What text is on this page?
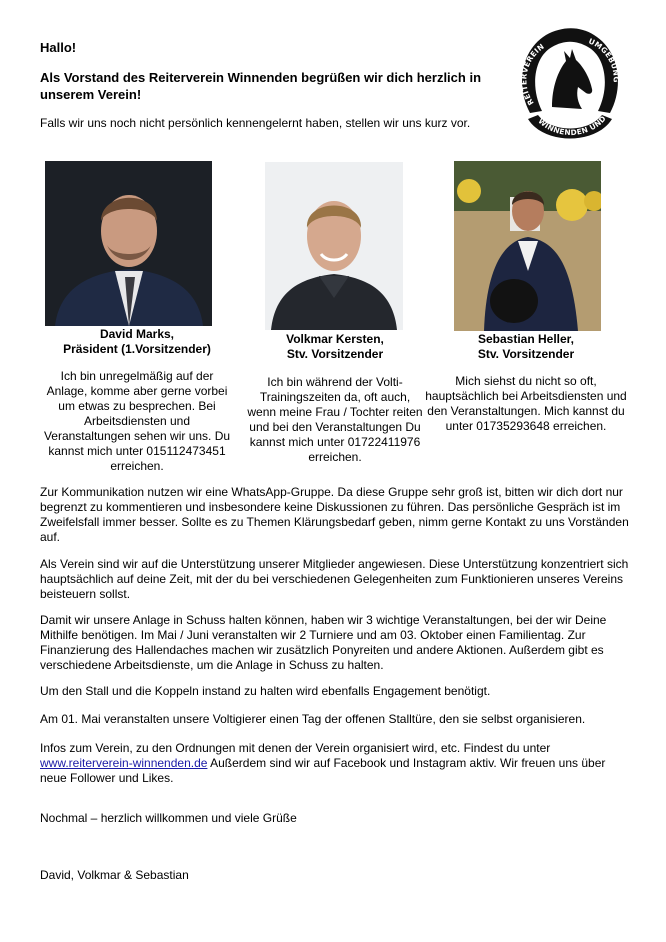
Hallo!
Als Vorstand des Reiterverein Winnenden begrüßen wir dich herzlich in unserem Verein!
Falls wir uns noch nicht persönlich kennengelernt haben, stellen wir uns kurz vor.
REITERVEREIN	UMGEBUNG
WINNENDEN UND
David Marks,
Präsident (1.Vorsitzender)
Volkmar Kersten,
Stv. Vorsitzender
Sebastian Heller,
Stv. Vorsitzender
Ich bin unregelmäßig auf der Anlage, komme aber gerne vorbei um etwas zu besprechen. Bei Arbeitsdiensten und Veranstaltungen sehen wir uns. Du kannst mich unter 015112473451 erreichen.
Ich bin während der Volti-Trainingszeiten da, oft auch, wenn meine Frau / Tochter reiten und bei den Veranstaltungen Du kannst mich unter 01722411976 erreichen.
Mich siehst du nicht so oft, hauptsächlich bei Arbeitsdiensten und den Veranstaltungen. Mich kannst du unter 01735293648 erreichen.
Zur Kommunikation nutzen wir eine WhatsApp-Gruppe. Da diese Gruppe sehr groß ist, bitten wir dich dort nur begrenzt zu kommentieren und insbesondere keine Diskussionen zu führen. Das persönliche Gespräch ist im Zweifelsfall immer besser. Sollte es zu Themen Klärungsbedarf geben, nimm gerne Kontakt zu uns Vorständen auf.
Als Verein sind wir auf die Unterstützung unserer Mitglieder angewiesen. Diese Unterstützung konzentriert sich hauptsächlich auf deine Zeit, mit der du bei verschiedenen Gelegenheiten zum Funktionieren unseres Vereins beisteuern sollst.
Damit wir unsere Anlage in Schuss halten können, haben wir 3 wichtige Veranstaltungen, bei der wir Deine Mithilfe benötigen. Im Mai / Juni veranstalten wir 2 Turniere und am 03. Oktober einen Familientag. Zur Finanzierung des Hallendaches machen wir zusätzlich Ponyreiten und andere Aktionen. Außerdem gibt es verschiedene Arbeitsdienste, um die Anlage in Schuss zu halten.
Um den Stall und die Koppeln instand zu halten wird ebenfalls Engagement benötigt.
Am 01. Mai veranstalten unsere Voltigierer einen Tag der offenen Stalltüre, den sie selbst organisieren.
Infos zum Verein, zu den Ordnungen mit denen der Verein organisiert wird, etc. Findest du unter www.reiterverein-winnenden.de Außerdem sind wir auf Facebook und Instagram aktiv. Wir freuen uns über neue Follower und Likes.
Nochmal – herzlich willkommen und viele Grüße
David, Volkmar & Sebastian
